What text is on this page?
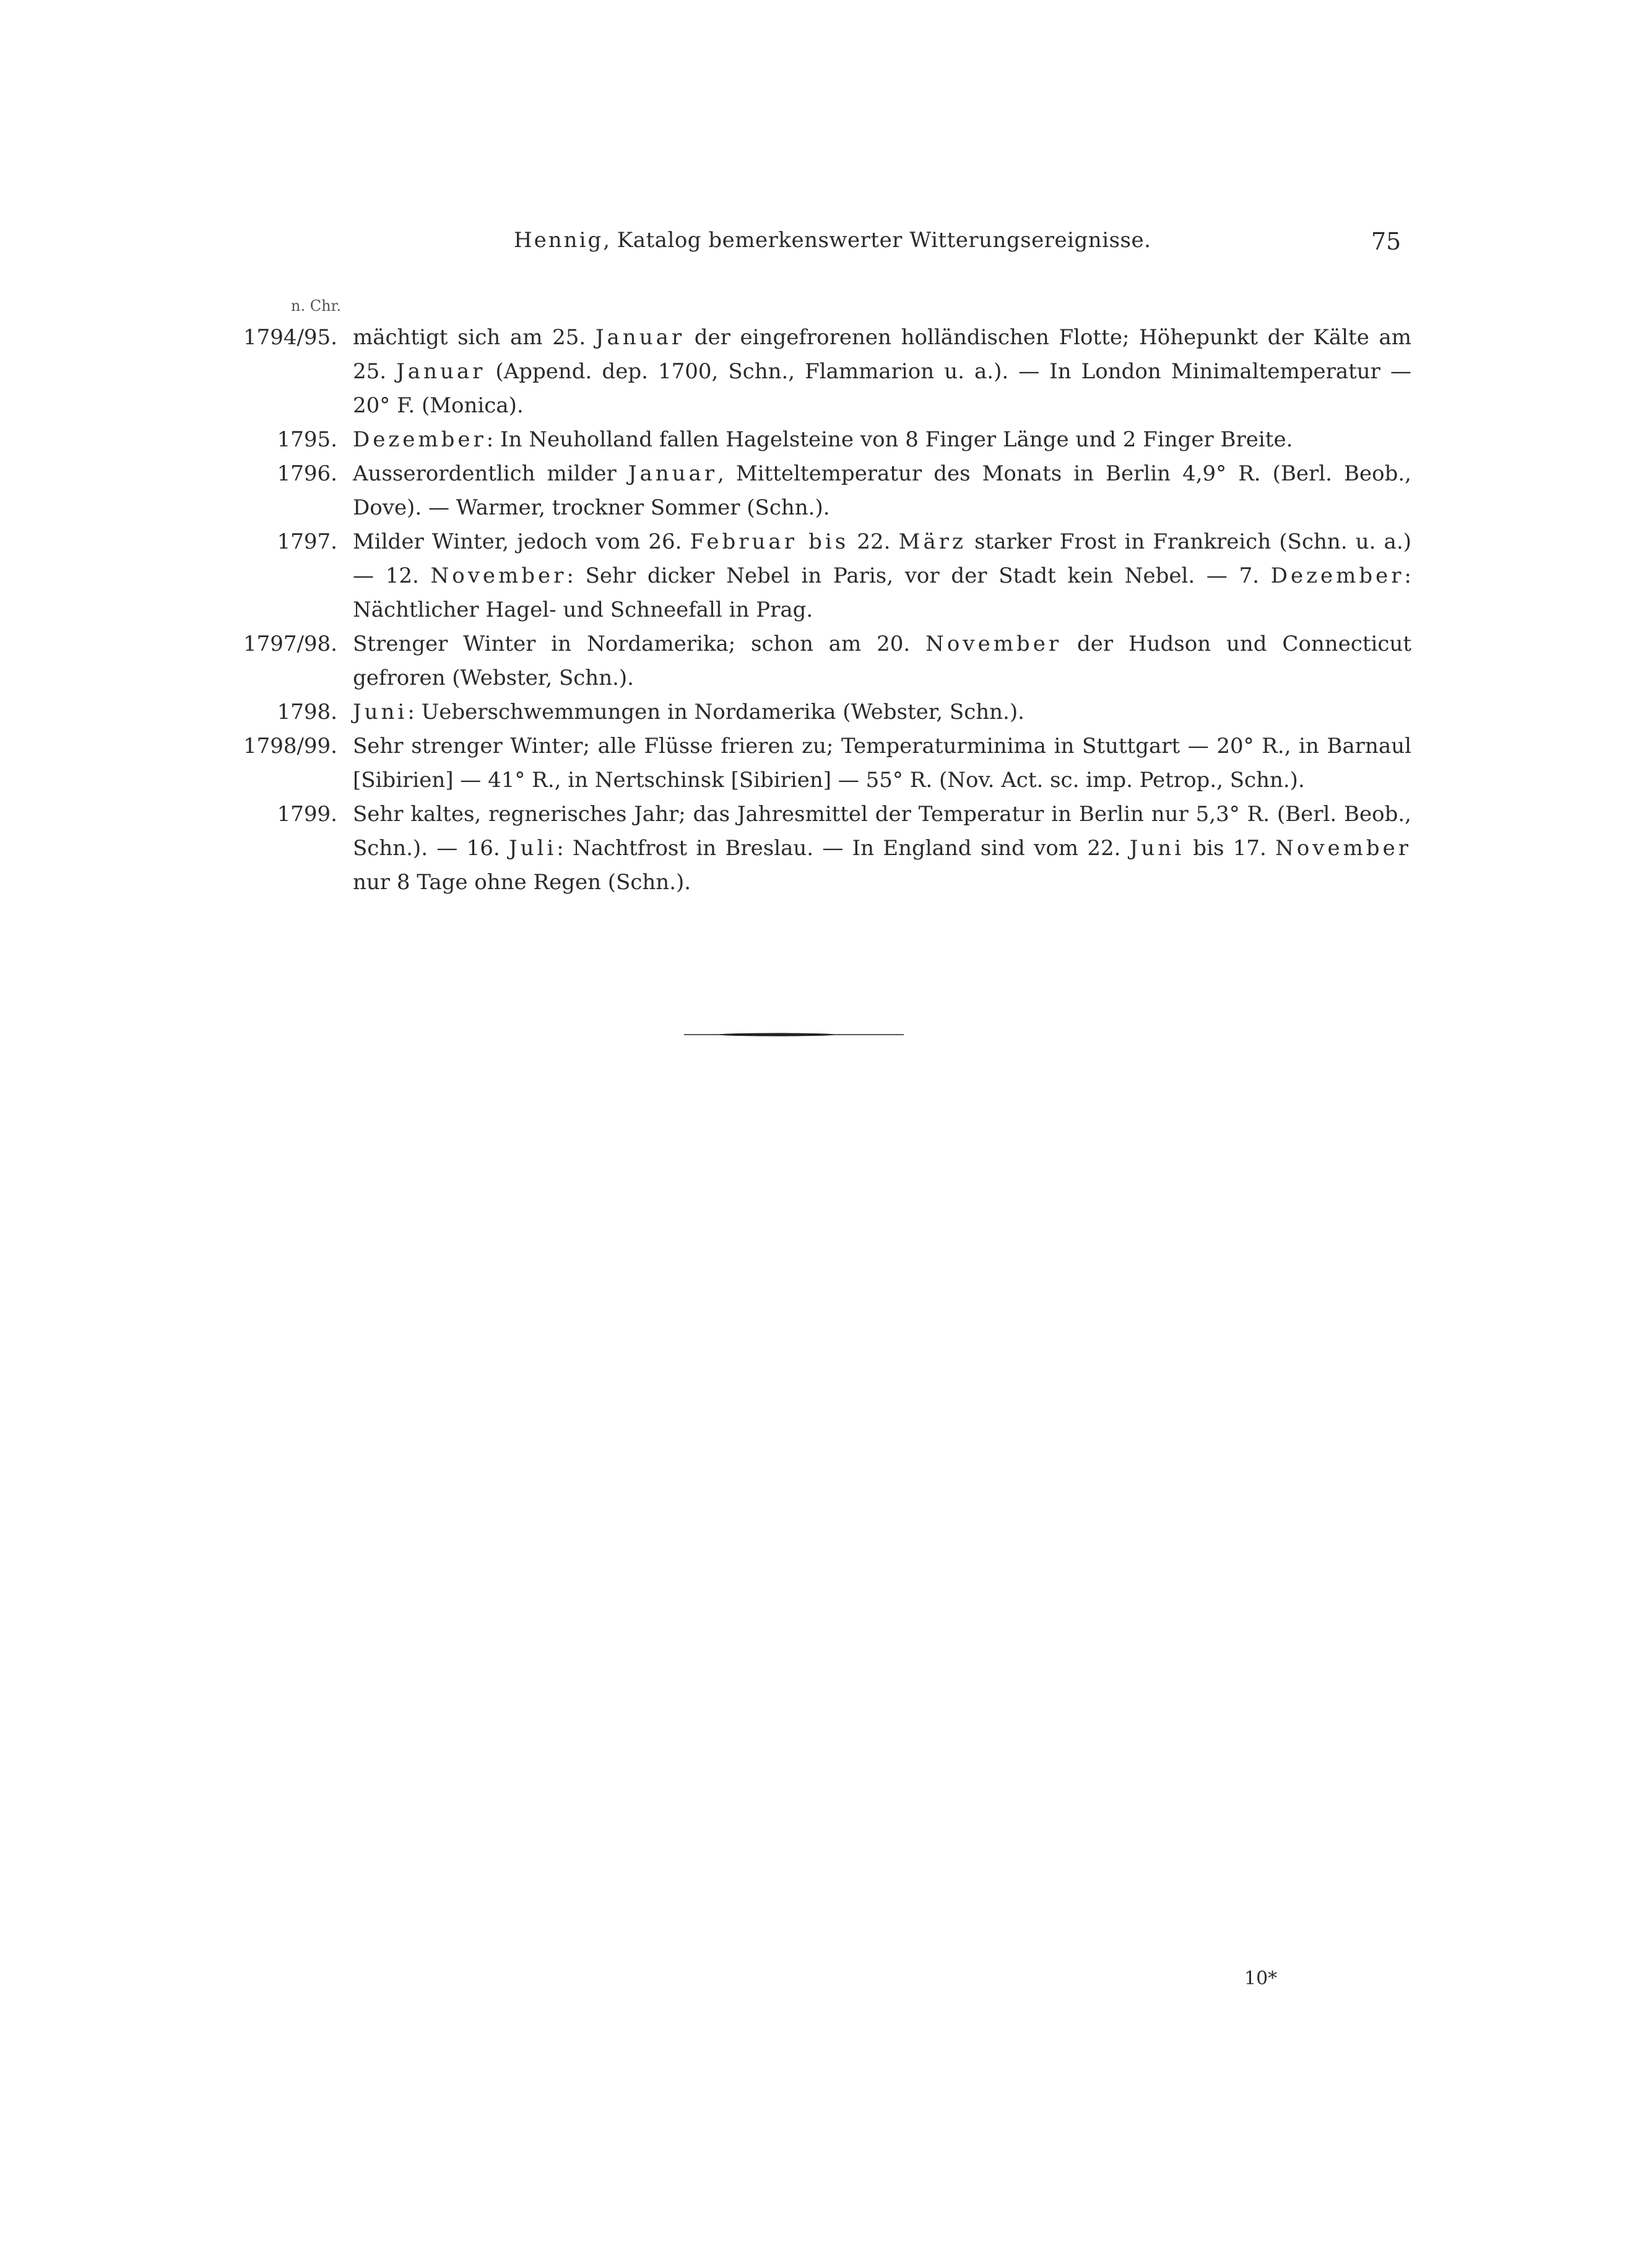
Hennig, Katalog bemerkenswerter Witterungsereignisse.	75
n. Chr.
1794/95. mächtigt sich am 25. Januar der eingefrorenen holländischen Flotte; Höhepunkt der Kälte am 25. Januar (Append. dep. 1700, Schn., Flammarion u. a.). — In London Minimaltemperatur — 20° F. (Monica).
1795. Dezember: In Neuholland fallen Hagelsteine von 8 Finger Länge und 2 Finger Breite.
1796. Ausserordentlich milder Januar, Mitteltemperatur des Monats in Berlin 4,9° R. (Berl. Beob., Dove). — Warmer, trockner Sommer (Schn.).
1797. Milder Winter, jedoch vom 26. Februar bis 22. März starker Frost in Frankreich (Schn. u. a.) — 12. November: Sehr dicker Nebel in Paris, vor der Stadt kein Nebel. — 7. Dezember: Nächtlicher Hagel- und Schneefall in Prag.
1797/98. Strenger Winter in Nordamerika; schon am 20. November der Hudson und Connecticut gefroren (Webster, Schn.).
1798. Juni: Ueberschwemmungen in Nordamerika (Webster, Schn.).
1798/99. Sehr strenger Winter; alle Flüsse frieren zu; Temperaturminima in Stuttgart — 20° R., in Barnaul [Sibirien] — 41° R., in Nertschinsk [Sibirien] — 55° R. (Nov. Act. sc. imp. Petrop., Schn.).
1799. Sehr kaltes, regnerisches Jahr; das Jahresmittel der Temperatur in Berlin nur 5,3° R. (Berl. Beob., Schn.). — 16. Juli: Nachtfrost in Breslau. — In England sind vom 22. Juni bis 17. November nur 8 Tage ohne Regen (Schn.).
10*
